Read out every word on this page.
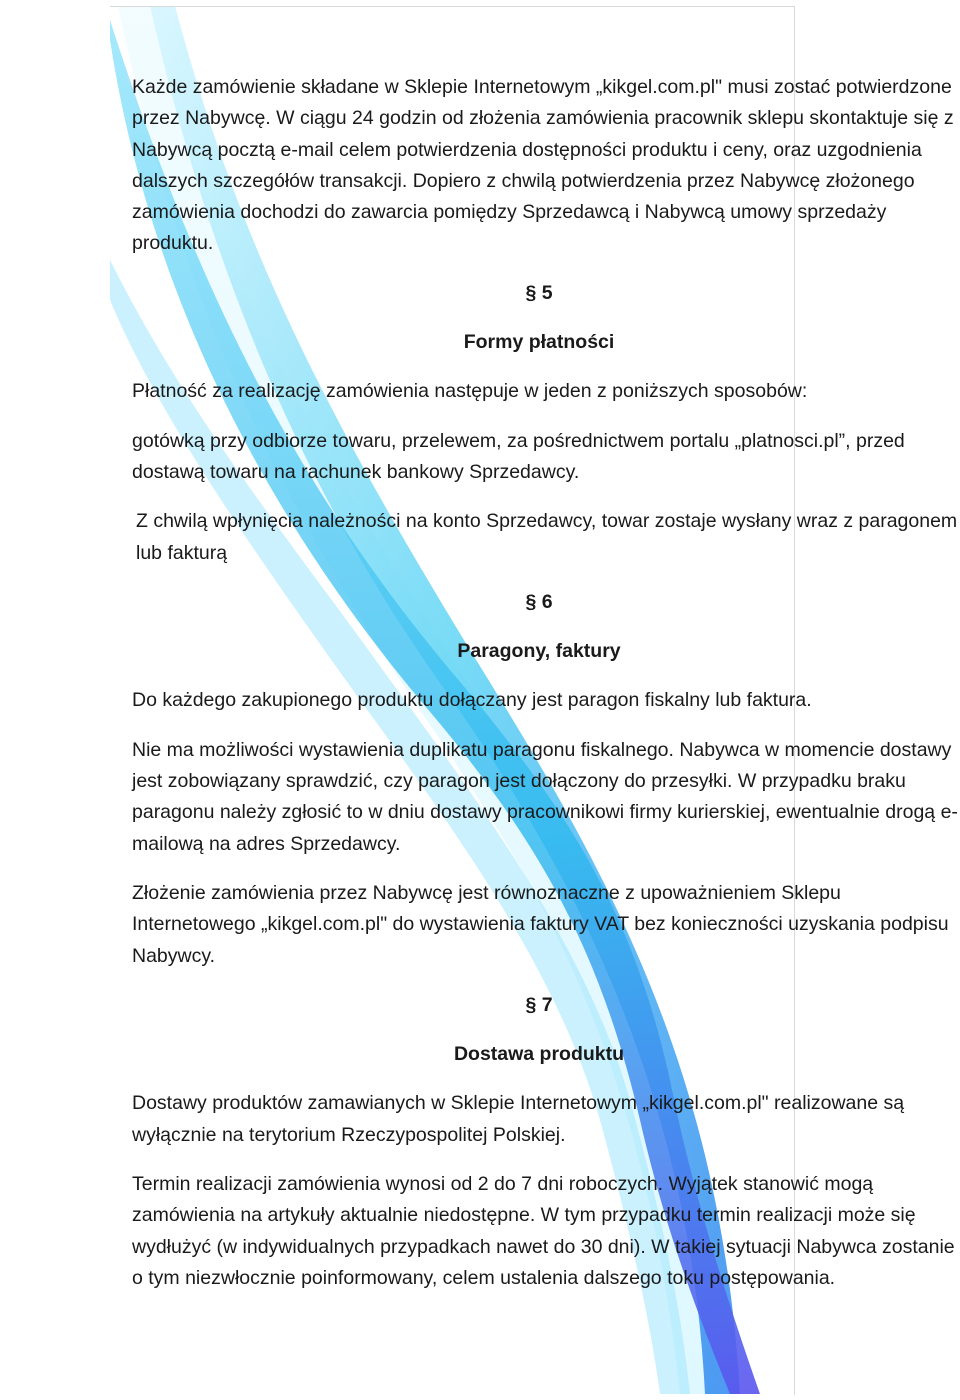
Każde zamówienie składane w Sklepie Internetowym „kikgel.com.pl" musi zostać potwierdzone przez Nabywcę. W ciągu 24 godzin od złożenia zamówienia pracownik sklepu skontaktuje się z Nabywcą pocztą e-mail celem potwierdzenia dostępności produktu i ceny, oraz uzgodnienia dalszych szczegółów transakcji. Dopiero z chwilą potwierdzenia przez Nabywcę złożonego zamówienia dochodzi do zawarcia pomiędzy Sprzedawcą i Nabywcą umowy sprzedaży produktu.

§ 5

Formy płatności

Płatność za realizację zamówienia następuje w jeden z poniższych sposobów:

gotówką przy odbiorze towaru, przelewem, za pośrednictwem portalu „platnosci.pl”, przed dostawą towaru na rachunek bankowy Sprzedawcy.

Z chwilą wpłynięcia należności na konto Sprzedawcy, towar zostaje wysłany wraz z paragonem lub fakturą

§ 6

Paragony, faktury

Do każdego zakupionego produktu dołączany jest paragon fiskalny lub faktura.

Nie ma możliwości wystawienia duplikatu paragonu fiskalnego. Nabywca w momencie dostawy jest zobowiązany sprawdzić, czy paragon jest dołączony do przesyłki. W przypadku braku paragonu należy zgłosić to w dniu dostawy pracownikowi firmy kurierskiej, ewentualnie drogą e-mailową na adres Sprzedawcy.

Złożenie zamówienia przez Nabywcę jest równoznaczne z upoważnieniem Sklepu Internetowego „kikgel.com.pl" do wystawienia faktury VAT bez konieczności uzyskania podpisu Nabywcy.

§ 7

Dostawa produktu

Dostawy produktów zamawianych w Sklepie Internetowym „kikgel.com.pl" realizowane są wyłącznie na terytorium Rzeczypospolitej Polskiej.

Termin realizacji zamówienia wynosi od 2 do 7 dni roboczych. Wyjątek stanowić mogą zamówienia na artykuły aktualnie niedostępne. W tym przypadku termin realizacji może się wydłużyć (w indywidualnych przypadkach nawet do 30 dni). W takiej sytuacji Nabywca zostanie o tym niezwłocznie poinformowany, celem ustalenia dalszego toku postępowania.
